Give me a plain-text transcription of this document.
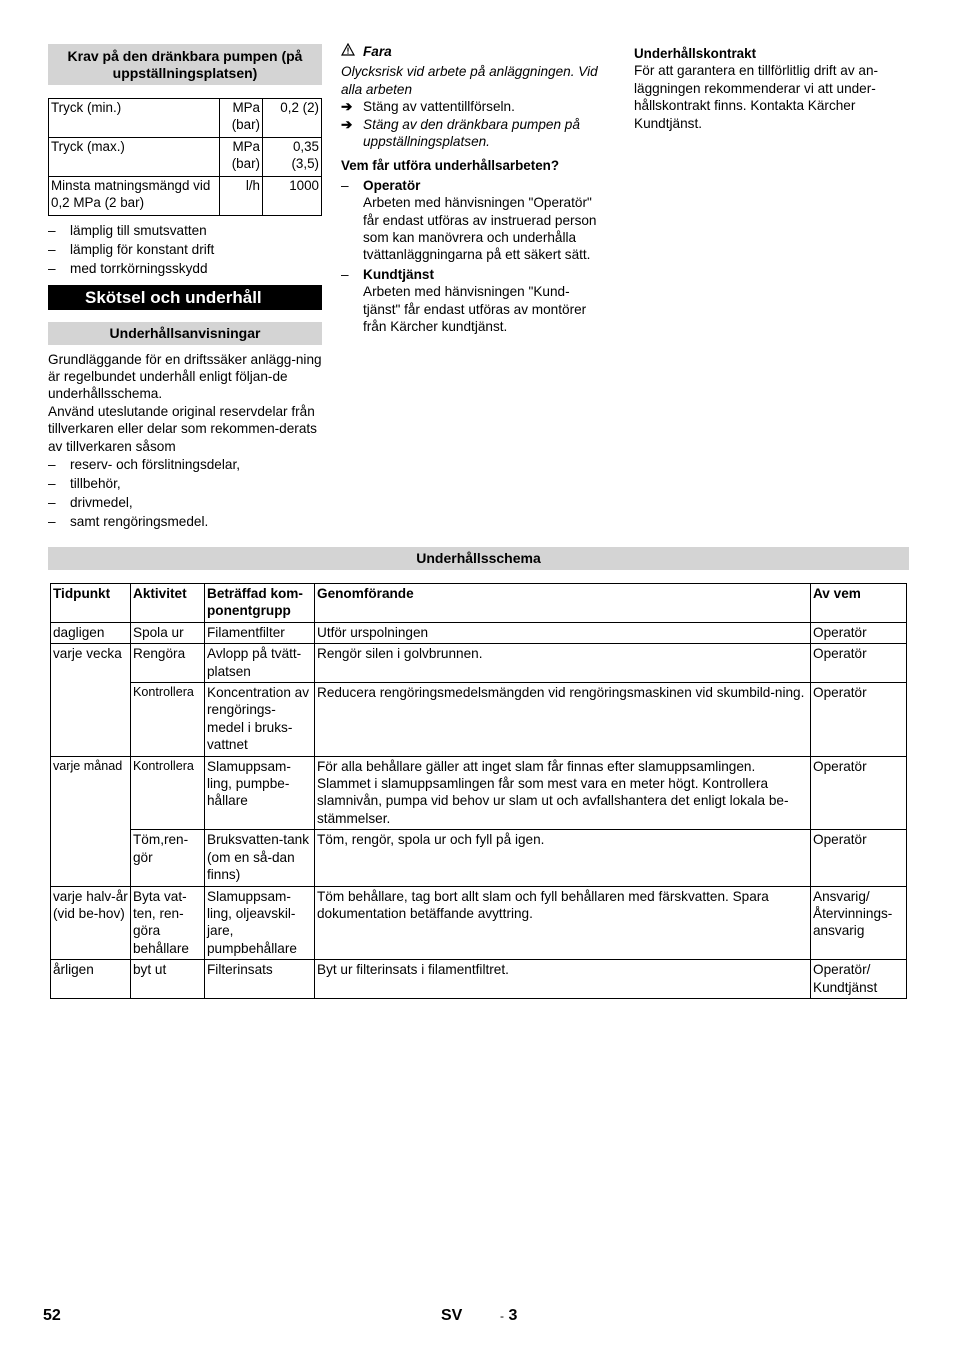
Krav på den dränkbara pumpen (på uppställningsplatsen)
Tryck (min.)	MPa (bar)	0,2 (2)
Tryck (max.)	MPa (bar)	0,35 (3,5)
Minsta matningsmängd vid 0,2 MPa (2 bar)	l/h	1000
–	lämplig till smutsvatten
–	lämplig för konstant drift
–	med torrkörningsskydd
Skötsel och underhåll
Underhållsanvisningar

Grundläggande för en driftssäker anlägg-ning är regelbundet underhåll enligt följan-de underhållsschema.

Använd uteslutande original reservdelar från tillverkaren eller delar som rekommen-derats av tillverkaren såsom

–	reserv- och förslitningsdelar,
–	tillbehör,
–	drivmedel,
–	samt rengöringsmedel.
Fara

Olycksrisk vid arbete på anläggningen. Vid alla arbeten

➔ Stäng av vattentillförseln.
➔ Stäng av den dränkbara pumpen på uppställningsplatsen.

Vem får utföra underhållsarbeten?

–	Operatör
Arbeten med hänvisningen "Operatör" får endast utföras av instruerad person som kan manövrera och underhålla tvättanläggningarna på ett säkert sätt.
–	Kundtjänst
Arbeten med hänvisningen "Kund-tjänst" får endast utföras av montörer från Kärcher kundtjänst.

Underhållskontrakt

För att garantera en tillförlitlig drift av an-läggningen rekommenderar vi att under-hållskontrakt finns. Kontakta Kärcher Kundtjänst.

Underhållsschema
Tidpunkt	Aktivitet	Beträffad kom-ponentgrupp	Genomförande	Av vem
dagligen	Spola ur	Filamentfilter	Utför urspolningen	Operatör
varje vecka	Rengöra	Avlopp på tvätt-platsen	Rengör silen i golvbrunnen.	Operatör
	Kontrollera	Koncentration av rengörings-medel i bruks-vattnet	Reducera rengöringsmedelsmängden vid rengöringsmaskinen vid skumbild-ning.	Operatör
varje månad	Kontrollera	Slamuppsam-ling, pumpbe-hållare	För alla behållare gäller att inget slam får finnas efter slamuppsamlingen. Slammet i slamuppsamlingen får som mest vara en meter högt. Kontrollera slamnivån, pumpa vid behov ur slam ut och avfallshantera det enligt lokala be-stämmelser.	Operatör
	Töm,ren-gör	Bruksvatten-tank (om en så-dan finns)	Töm, rengör, spola ur och fyll på igen.	Operatör
varje halv-år (vid be-hov)	Byta vat-ten, ren-göra behållare	Slamuppsam-ling, oljeavskil-jare, pumpbehållare	Töm behållare, tag bort allt slam och fyll behållaren med färskvatten. Spara dokumentation betäffande avyttring.	Ansvarig/ Återvinnings-ansvarig
årligen	byt ut	Filterinsats	Byt ur filterinsats i filamentfiltret.	Operatör/ Kundtjänst
52	SV	- 3
